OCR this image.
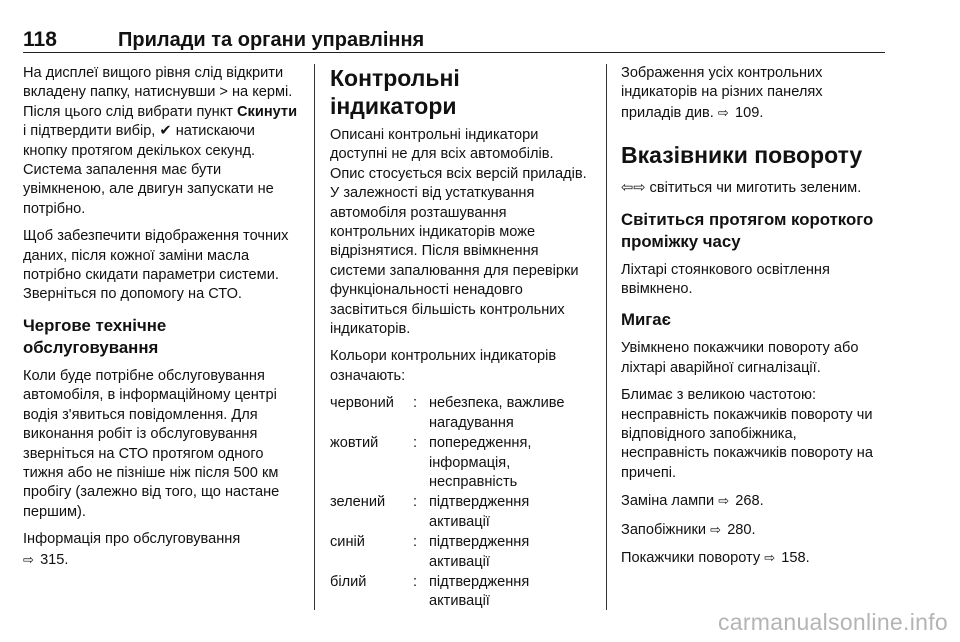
118	Прилади та органи управління

На дисплеї вищого рівня слід відкрити вкладену папку, натиснувши > на кермі. Після цього слід вибрати пункт Скинути і підтвердити вибір, ✔ натискаючи кнопку протягом декількох секунд. Система запалення має бути увімкненою, але двигун запускати не потрібно.

Щоб забезпечити відображення точних даних, після кожної заміни масла потрібно скидати параметри системи. Зверніться по допомогу на СТО.

Чергове технічне обслуговування

Коли буде потрібне обслуговування автомобіля, в інформаційному центрі водія з'явиться повідомлення. Для виконання робіт із обслуговування зверніться на СТО протягом одного тижня або не пізніше ніж після 500 км пробігу (залежно від того, що настане першим).

Інформація про обслуговування
⇨ 315.

Контрольні індикатори

Описані контрольні індикатори доступні не для всіх автомобілів. Опис стосується всіх версій приладів. У залежності від устаткування автомобіля розташування контрольних індикаторів може відрізнятися. Після ввімкнення системи запалювання для перевірки функціональності ненадовго засвітиться більшість контрольних індикаторів.

Кольори контрольних індикаторів означають:

червоний	: небезпека, важливе нагадування
жовтий	: попередження, інформація, несправність
зелений	: підтвердження активації
синій	: підтвердження активації
білий	: підтвердження активації

Зображення усіх контрольних індикаторів на різних панелях приладів див. ⇨ 109.

Вказівники повороту

⇦⇨ світиться чи миготить зеленим.

Світиться протягом короткого проміжку часу

Ліхтарі стоянкового освітлення ввімкнено.

Мигає

Увімкнено покажчики повороту або ліхтарі аварійної сигналізації.

Блимає з великою частотою: несправність покажчиків повороту чи відповідного запобіжника, несправність покажчиків повороту на причепі.

Заміна лампи ⇨ 268.

Запобіжники ⇨ 280.

Покажчики повороту ⇨ 158.

carmanualsonline.info
